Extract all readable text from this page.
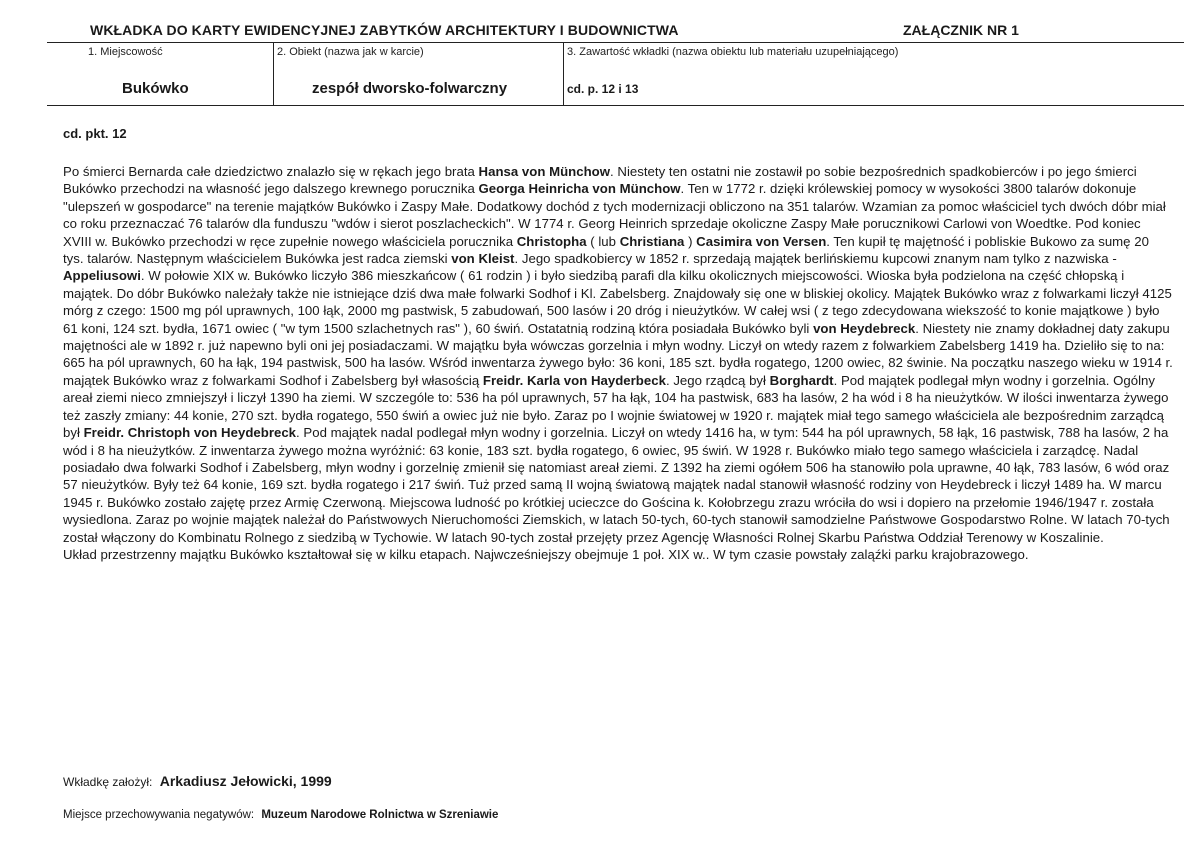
WKŁADKA DO KARTY EWIDENCYJNEJ ZABYTKÓW ARCHITEKTURY I BUDOWNICTWA	ZAŁĄCZNIK NR 1
1. Miejscowość	2. Obiekt (nazwa jak w karcie)	3. Zawartość wkładki (nazwa obiektu lub materiału uzupełniającego)
Bukówko	zespół dworsko-folwarczny	cd. p. 12 i 13
cd. pkt. 12

Po śmierci Bernarda całe dziedzictwo znalazło się w rękach jego brata Hansa von Münchow. Niestety ten ostatni nie zostawił po sobie bezpośrednich spadkobierców i po jego śmierci Bukówko przechodzi na własność jego dalszego krewnego porucznika Georga Heinricha von Münchow. Ten w 1772 r. dzięki królewskiej pomocy w wysokości 3800 talarów dokonuje "ulepszeń w gospodarce" na terenie majątków Bukówko i Zaspy Małe. Dodatkowy dochód z tych modernizacji obliczono na 351 talarów. Wzamian za pomoc właściciel tych dwóch dóbr miał co roku przeznaczać 76 talarów dla funduszu "wdów i sierot poszlacheckich". W 1774 r. Georg Heinrich sprzedaje okoliczne Zaspy Małe porucznikowi Carlowi von Woedtke. Pod koniec XVIII w. Bukówko przechodzi w ręce zupełnie nowego właściciela porucznika Christopha ( lub Christiana ) Casimira von Versen. Ten kupił tę majętność i pobliskie Bukowo za sumę 20 tys. talarów. Następnym właścicielem Bukówka jest radca ziemski von Kleist. Jego spadkobiercy w 1852 r. sprzedają majątek berlińskiemu kupcowi znanym nam tylko z nazwiska - Appeliusowi. W połowie XIX w. Bukówko liczyło 386 mieszkańcow ( 61 rodzin ) i było siedzibą parafi dla kilku okolicznych miejscowości. Wioska była podzielona na część chłopską i majątek. Do dóbr Bukówko należały także nie istniejące dziś dwa małe folwarki Sodhof i Kl. Zabelsberg. Znajdowały się one w bliskiej okolicy. Majątek Bukówko wraz z folwarkami liczył 4125 mórg z czego: 1500 mg pól uprawnych, 100 łąk, 2000 mg pastwisk, 5 zabudowań, 500 lasów i 20 dróg i nieużytków. W całej wsi ( z tego zdecydowana wiekszość to konie majątkowe ) było 61 koni, 124 szt. bydła, 1671 owiec ( "w tym 1500 szlachetnych ras" ), 60 świń. Ostatatnią rodziną która posiadała Bukówko byli von Heydebreck. Niestety nie znamy dokładnej daty zakupu majętności ale w 1892 r. już napewno byli oni jej posiadaczami. W majątku była wówczas gorzelnia i młyn wodny. Liczył on wtedy razem z folwarkiem Zabelsberg 1419 ha. Dzieliło się to na: 665 ha pól uprawnych, 60 ha łąk, 194 pastwisk, 500 ha lasów. Wśród inwentarza żywego było: 36 koni, 185 szt. bydła rogatego, 1200 owiec, 82 świnie. Na początku naszego wieku w 1914 r. majątek Bukówko wraz z folwarkami Sodhof i Zabelsberg był własością Freidr. Karla von Hayderbeck. Jego rządcą był Borghardt. Pod majątek podlegał młyn wodny i gorzelnia. Ogólny areał ziemi nieco zmniejszył i liczył 1390 ha ziemi. W szczególe to: 536 ha pól uprawnych, 57 ha łąk, 104 ha pastwisk, 683 ha lasów, 2 ha wód i 8 ha nieużytków. W ilości inwentarza żywego też zaszły zmiany: 44 konie, 270 szt. bydła rogatego, 550 świń a owiec już nie było. Zaraz po I wojnie światowej w 1920 r. majątek miał tego samego właściciela ale bezpośrednim zarządcą był Freidr. Christoph von Heydebreck. Pod majątek nadal podlegał młyn wodny i gorzelnia. Liczył on wtedy 1416 ha, w tym: 544 ha pól uprawnych, 58 łąk, 16 pastwisk, 788 ha lasów, 2 ha wód i 8 ha nieużytków. Z inwentarza żywego można wyróżnić: 63 konie, 183 szt. bydła rogatego, 6 owiec, 95 świń. W 1928 r. Bukówko miało tego samego właściciela i zarządcę. Nadal posiadało dwa folwarki Sodhof i Zabelsberg, młyn wodny i gorzelnię zmienił się natomiast areał ziemi. Z 1392 ha ziemi ogółem 506 ha stanowiło pola uprawne, 40 łąk, 783 lasów, 6 wód oraz 57 nieużytków. Były też 64 konie, 169 szt. bydła rogatego i 217 świń. Tuż przed samą II wojną światową majątek nadal stanowił własność rodziny von Heydebreck i liczył 1489 ha. W marcu 1945 r. Bukówko zostało zajętę przez Armię Czerwoną. Miejscowa ludność po krótkiej ucieczce do Gościna k. Kołobrzegu zrazu wróciła do wsi i dopiero na przełomie 1946/1947 r. została wysiedlona. Zaraz po wojnie majątek należał do Państwowych Nieruchomości Ziemskich, w latach 50-tych, 60-tych stanowił samodzielne Państwowe Gospodarstwo Rolne. W latach 70-tych został włączony do Kombinatu Rolnego z siedzibą w Tychowie. W latach 90-tych został przejęty przez Agencję Własności Rolnej Skarbu Państwa Oddział Terenowy w Koszalinie.

Układ przestrzenny majątku Bukówko kształtował się w kilku etapach. Najwcześniejszy obejmuje 1 poł. XIX w.. W tym czasie powstały zaląźki parku krajobrazowego.

Wkładkę założył: Arkadiusz Jełowicki, 1999
Miejsce przechowywania negatywów: Muzeum Narodowe Rolnictwa w Szreniawie
